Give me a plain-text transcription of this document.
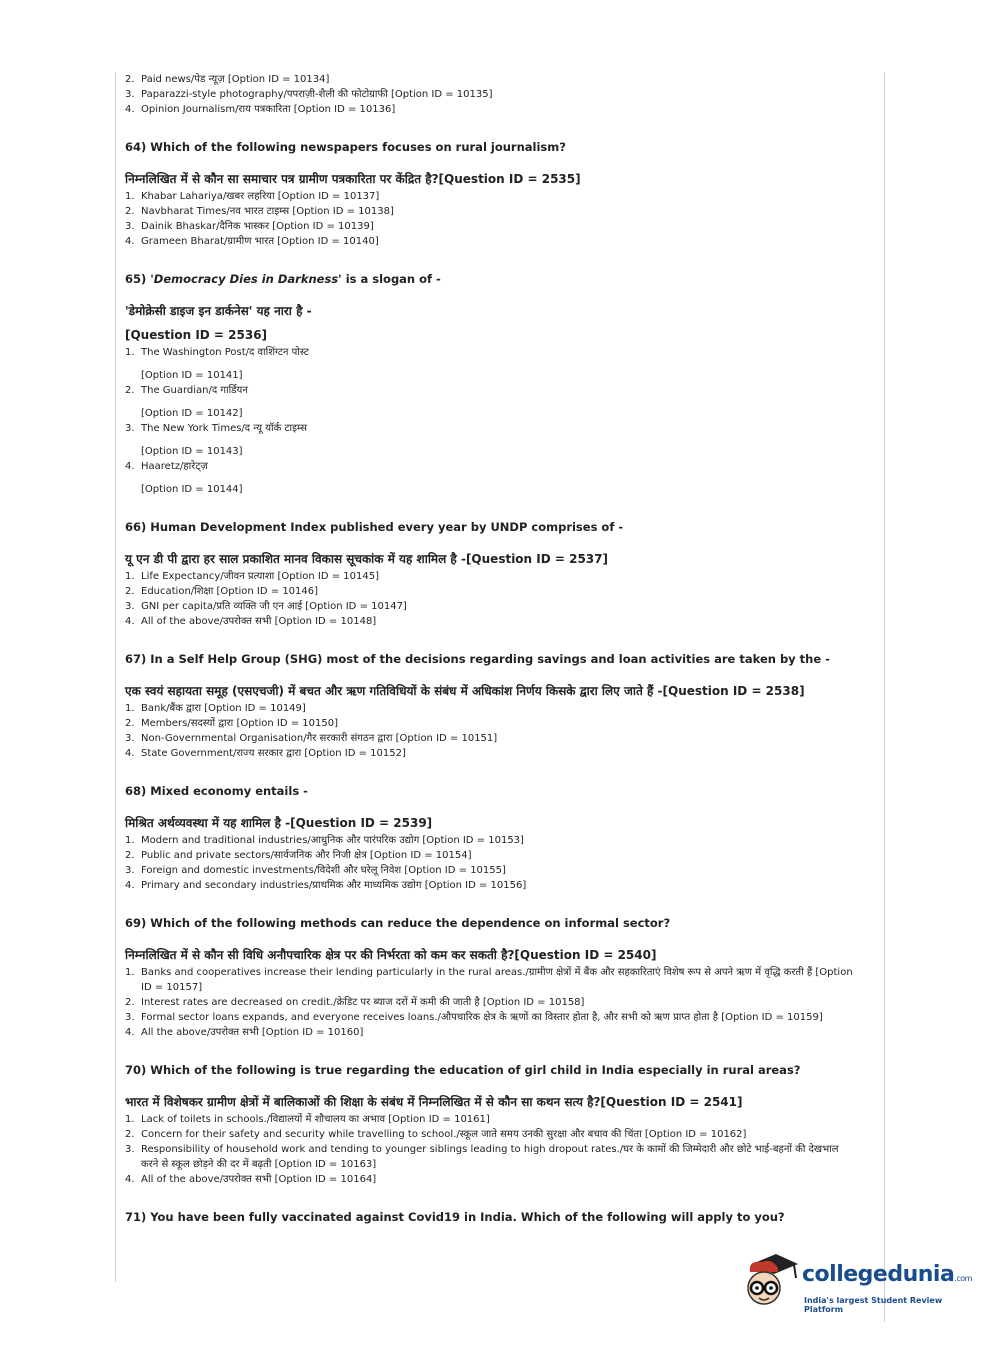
2. Paid news/पेड न्यूज़ [Option ID = 10134]
3. Paparazzi-style photography/पपराज़ी-शैली की फोटोग्राफी [Option ID = 10135]
4. Opinion Journalism/राय पत्रकारिता [Option ID = 10136]
64) Which of the following newspapers focuses on rural journalism?
निम्नलिखित में से कौन सा समाचार पत्र ग्रामीण पत्रकारिता पर केंद्रित है?[Question ID = 2535]
1. Khabar Lahariya/खबर लहरिया [Option ID = 10137]
2. Navbharat Times/नव भारत टाइम्स [Option ID = 10138]
3. Dainik Bhaskar/दैनिक भास्कर [Option ID = 10139]
4. Grameen Bharat/ग्रामीण भारत [Option ID = 10140]
65) 'Democracy Dies in Darkness' is a slogan of -
'डेमोक्रेसी डाइज इन डार्कनेस' यह नारा है -
[Question ID = 2536]
1. The Washington Post/द वाशिंग्टन पोस्ट
[Option ID = 10141]
2. The Guardian/द गार्डियन
[Option ID = 10142]
3. The New York Times/द न्यू यॉर्क टाइम्स
[Option ID = 10143]
4. Haaretz/हारेट्ज़
[Option ID = 10144]
66) Human Development Index published every year by UNDP comprises of -
यू एन डी पी द्वारा हर साल प्रकाशित मानव विकास सूचकांक में यह शामिल है -[Question ID = 2537]
1. Life Expectancy/जीवन प्रत्याशा [Option ID = 10145]
2. Education/शिक्षा [Option ID = 10146]
3. GNI per capita/प्रति व्यक्ति जी एन आई [Option ID = 10147]
4. All of the above/उपरोक्त सभी [Option ID = 10148]
67) In a Self Help Group (SHG) most of the decisions regarding savings and loan activities are taken by the -
एक स्वयं सहायता समूह (एसएचजी) में बचत और ऋण गतिविधियों के संबंध में अधिकांश निर्णय किसके द्वारा लिए जाते हैं -[Question ID = 2538]
1. Bank/बैंक द्वारा [Option ID = 10149]
2. Members/सदस्यों द्वारा [Option ID = 10150]
3. Non-Governmental Organisation/गैर सरकारी संगठन द्वारा [Option ID = 10151]
4. State Government/राज्य सरकार द्वारा [Option ID = 10152]
68) Mixed economy entails -
मिश्रित अर्थव्यवस्था में यह शामिल है -[Question ID = 2539]
1. Modern and traditional industries/आधुनिक और पारंपरिक उद्योग [Option ID = 10153]
2. Public and private sectors/सार्वजनिक और निजी क्षेत्र [Option ID = 10154]
3. Foreign and domestic investments/विदेशी और घरेलू निवेश [Option ID = 10155]
4. Primary and secondary industries/प्राथमिक और माध्यमिक उद्योग [Option ID = 10156]
69) Which of the following methods can reduce the dependence on informal sector?
निम्नलिखित में से कौन सी विधि अनौपचारिक क्षेत्र पर की निर्भरता को कम कर सकती है?[Question ID = 2540]
1. Banks and cooperatives increase their lending particularly in the rural areas./ग्रामीण क्षेत्रों में बैंक और सहकारिताएं विशेष रूप से अपने ऋण में वृद्धि करती हैं [Option ID = 10157]
2. Interest rates are decreased on credit./क्रेडिट पर ब्याज दरों में कमी की जाती है [Option ID = 10158]
3. Formal sector loans expands, and everyone receives loans./औपचारिक क्षेत्र के ऋणों का विस्तार होता है, और सभी को ऋण प्राप्त होता है [Option ID = 10159]
4. All the above/उपरोक्त सभी [Option ID = 10160]
70) Which of the following is true regarding the education of girl child in India especially in rural areas?
भारत में विशेषकर ग्रामीण क्षेत्रों में बालिकाओं की शिक्षा के संबंध में निम्नलिखित में से कौन सा कथन सत्य है?[Question ID = 2541]
1. Lack of toilets in schools./विद्यालयों में शौचालय का अभाव [Option ID = 10161]
2. Concern for their safety and security while travelling to school./स्कूल जाते समय उनकी सुरक्षा और बचाव की चिंता [Option ID = 10162]
3. Responsibility of household work and tending to younger siblings leading to high dropout rates./घर के कामों की जिम्मेदारी और छोटे भाई-बहनों की देखभाल करने से स्कूल छोड़ने की दर में बढ़ती [Option ID = 10163]
4. All of the above/उपरोक्त सभी [Option ID = 10164]
71) You have been fully vaccinated against Covid19 in India. Which of the following will apply to you?
collegedunia.com
India's largest Student Review Platform
